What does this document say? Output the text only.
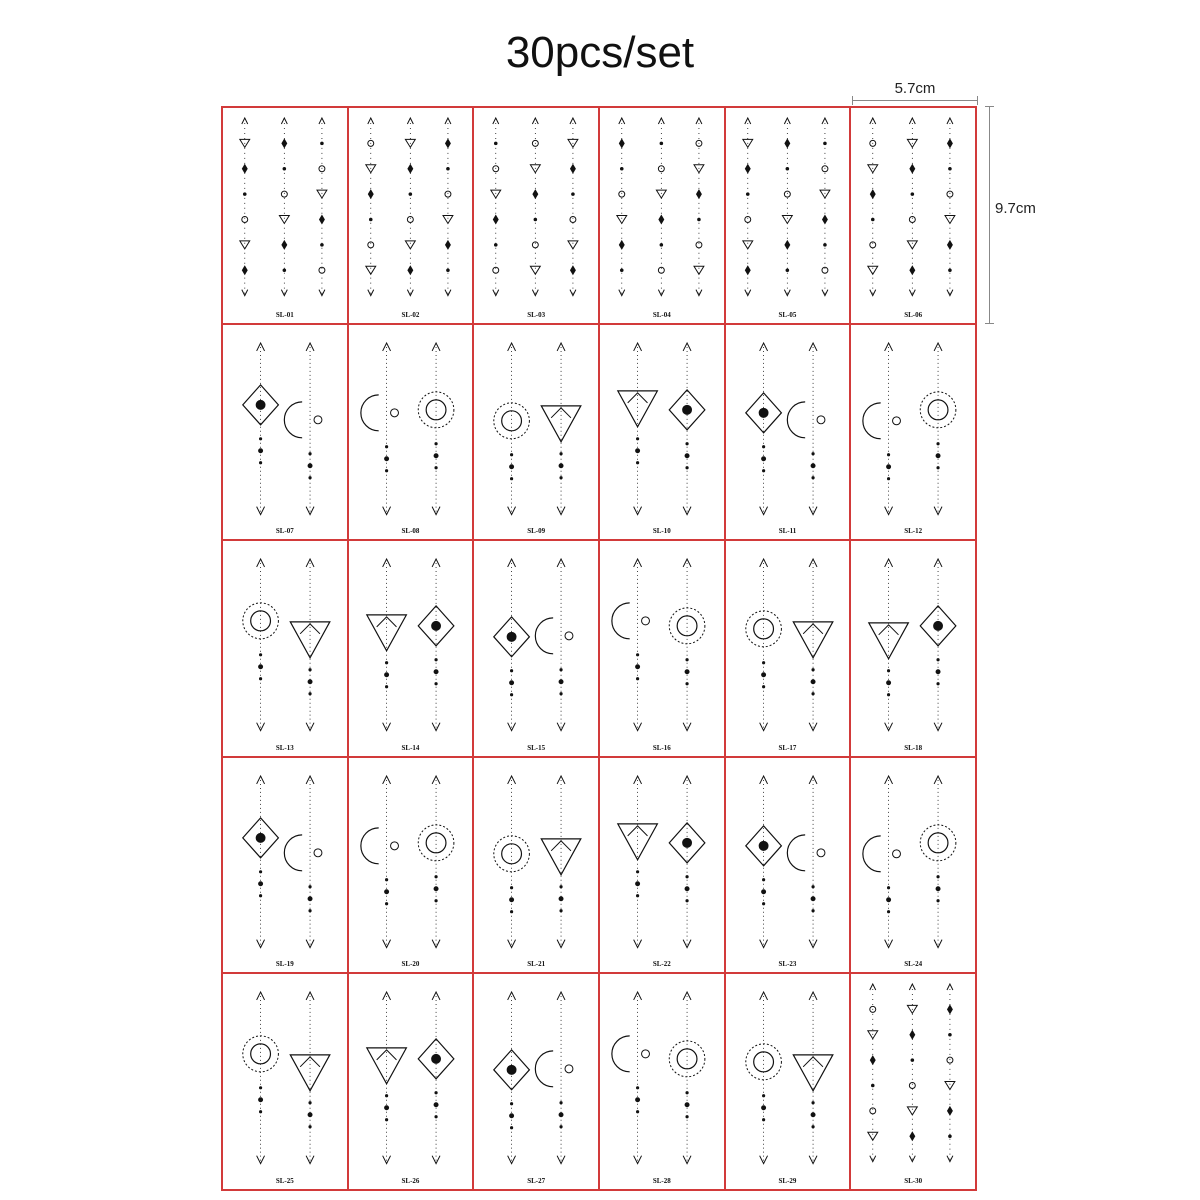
30pcs/set
5.7cm
9.7cm
SL-01	SL-02	SL-03	SL-04	SL-05	SL-06
SL-07	SL-08	SL-09	SL-10	SL-11	SL-12
SL-13	SL-14	SL-15	SL-16	SL-17	SL-18
SL-19	SL-20	SL-21	SL-22	SL-23	SL-24
SL-25	SL-26	SL-27	SL-28	SL-29	SL-30
